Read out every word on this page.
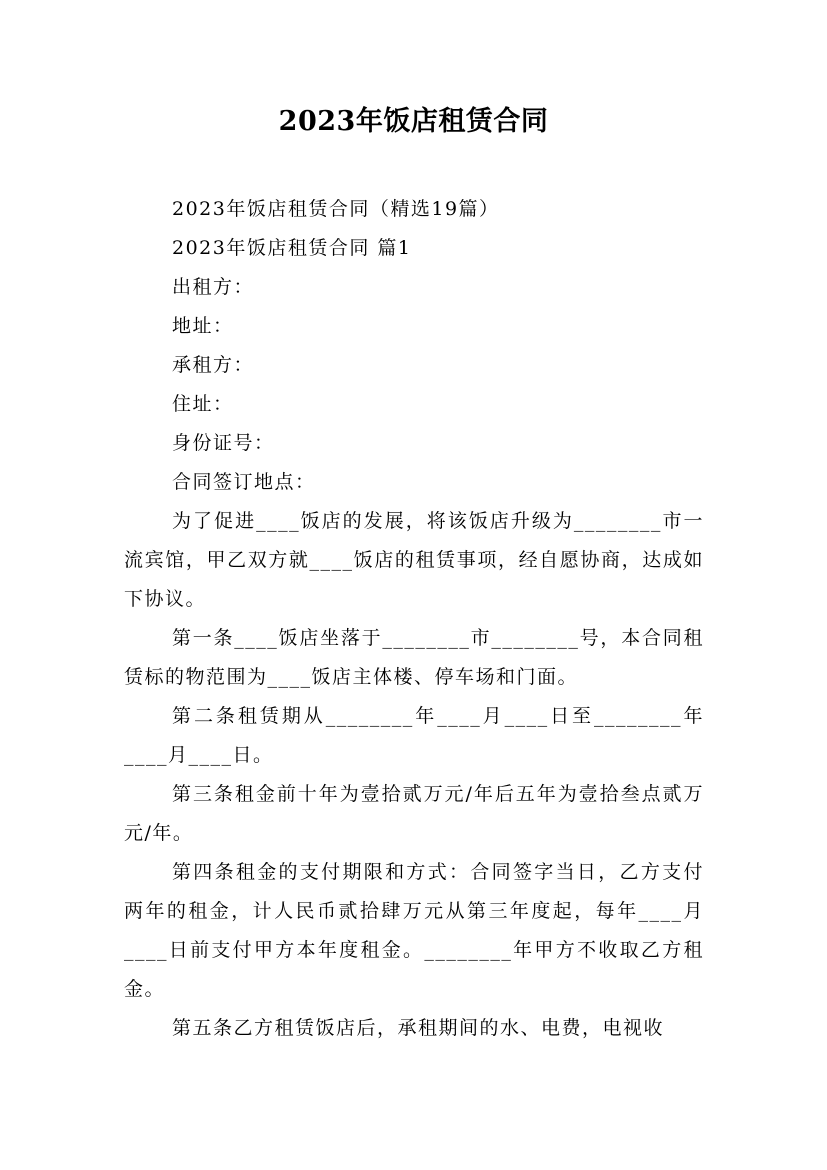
2023年饭店租赁合同
2023年饭店租赁合同（精选19篇）
2023年饭店租赁合同 篇1
出租方：
地址：
承租方：
住址：
身份证号：
合同签订地点：
为了促进____饭店的发展，将该饭店升级为________市一流宾馆，甲乙双方就____饭店的租赁事项，经自愿协商，达成如下协议。
第一条____饭店坐落于________市________号，本合同租赁标的物范围为____饭店主体楼、停车场和门面。
第二条租赁期从________年____月____日至________年____月____日。
第三条租金前十年为壹拾贰万元/年后五年为壹拾叁点贰万元/年。
第四条租金的支付期限和方式：合同签字当日，乙方支付两年的租金，计人民币贰拾肆万元从第三年度起，每年____月____日前支付甲方本年度租金。________年甲方不收取乙方租金。
第五条乙方租赁饭店后，承租期间的水、电费，电视收
